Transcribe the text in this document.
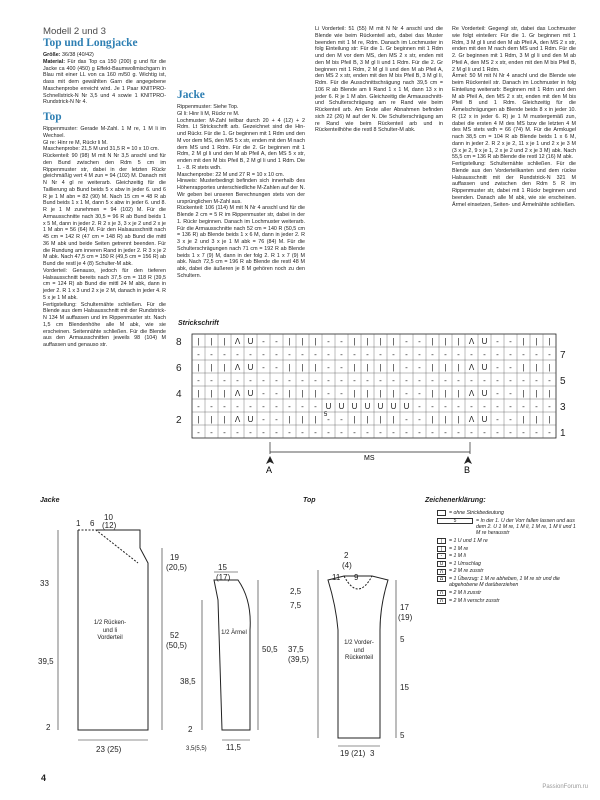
Modell 2 und 3
Top und Longjacke

Größe: 36/38 (40/42)

Material: Für das Top ca 150 (200) g und für die Jacke ca 400 (450) g Effekt-Baumwollmischgarn in Blau mit einer LL von ca 160 m/50 g. Wichtig ist, dass mit dem gewählten Garn die angegebene Maschenprobe erreicht wird. Je 1 Paar KNITPRO-Schnellstrick-N Nr 3,5 und 4 sowie 1 KNITPRO-Rundstrick-N Nr 4.

Top

Rippenmuster: Gerade M-Zahl. 1 M re, 1 M li im Wechsel.

Gl re: Hinr re M, Rückr li M.

Maschenprobe: 21,5 M und 31,5 R = 10 x 10 cm.

Rückenteil: 90 (98) M mit N Nr 3,5 anschl und für den Bund zwischen den Rdm 5 cm im Rippenmuster str, dabei in der letzten Rückr gleichmäßig vert 4 M zun = 94 (102) M. Danach mit N Nr 4 gl re weiterarb. Gleichzeitig für die Taillierung ab Bund beids 5 x abw in jeder 6. und 6 R je 1 M abn = 82 (90) M. Nach 15 cm = 48 R ab Bund beids 1 x 1 M, dann 5 x abw in jeder 6. und 8. R je 1 M zunehmen = 94 (102) M. Für die Armausschnitte nach 30,5 = 96 R ab Bund beids 1 x 5 M, dann in jeder 2. R 2 x je 3, 3 x je 2 und 2 x je 1 M abn = 56 (64) M. Für den Halsausschnitt nach 45 cm = 142 R (47 cm = 148 R) ab Bund die mittl 36 M abk und beide Seiten getrennt beenden. Für die Rundung am inneren Rand in jeder 2. R 3 x je 2 M abk. Nach 47,5 cm = 150 R (49,5 cm = 156 R) ab Bund die restl je 4 (8) Schulter-M abk.

Vorderteil: Genauso, jedoch für den tieferen Halsausschnitt bereits nach 37,5 cm = 118 R (39,5 cm = 124 R) ab Bund die mittl 24 M abk, dann in jeder 2. R 1 x 3 und 2 x je 2 M, danach in jeder 4. R 5 x je 1 M abk.

Fertigstellung: Schulternähte schließen. Für die Blende aus dem Halsausschnitt mit der Rundstrick-N 134 M auffassen und im Rippenmuster str. Nach 1,5 cm Blendenhöhe alle M abk, wie sie erscheinen. Seitennähte schließen. Für die Blende aus den Armausschnitten jeweils 98 (104) M auffassen und genauso str.

Jacke

Rippenmuster: Siehe Top.

Gl li: Hinr li M, Rückr re M.

Lochmuster: M-Zahl teilbar durch 20 + 4 (12) + 2 Rdm. Lt Strickschrift arb. Gezeichnet sind die Hin- und Rückr. Für die 1. Gr beginnen mit 1 Rdm und den M vor dem MS, den MS 5 x str, enden mit den M nach dem MS und 1 Rdm. Für die 2. Gr beginnen mit 1 Rdm, 2 M gl li und den M ab Pfeil A, den MS 5 x str, enden mit den M bis Pfeil B, 2 M gl li und 1 Rdm. Die 1. - 8. R stets wdh.

Maschenprobe: 22 M und 27 R = 10 x 10 cm.

Hinweis: Musterbedingt befinden sich innerhalb des Höhenrapportes unterschiedliche M-Zahlen auf der N. Wir geben bei unseren Berechnungen stets von der ursprünglichen M-Zahl aus.

Rückenteil: 106 (114) M mit N Nr 4 anschl und für die Blende 2 cm = 5 R im Rippenmuster str, dabei in der 1. Rückr beginnen. Danach im Lochmuster weiterarb. Für die Armausschnitte nach 52 cm = 140 R (50,5 cm = 136 R) ab Blende beids 1 x 6 M, dann in jeder 2. R 3 x je 2 und 3 x je 1 M abk = 76 (84) M. Für die Schulterschrägungen nach 71 cm = 192 R ab Blende beids 1 x 7 (9) M, dann in der folg 2. R 1 x 7 (9) M abk. Nach 72,5 cm = 196 R ab Blende die restl 48 M abk, dabei die äußeren je 8 M gehören noch zu den Schultern.

Li Vorderteil: 51 (55) M mit N Nr 4 anschl und die Blende wie beim Rückenteil arb, dabei das Muster beenden mit 1 M re, Rdm. Danach im Lochmuster in folg Einteilung str: Für die 1. Gr beginnen mit 1 Rdm und den M vor dem MS, den MS 2 x str, enden mit den M bis Pfeil B, 3 M gl li und 1 Rdm. Für die 2. Gr beginnen mit 1 Rdm, 2 M gl li und den M ab Pfeil A, den MS 2 x str, enden mit den M bis Pfeil B, 3 M gl li, Rdm. Für die Ausschnittschrägung nach 39,5 cm = 106 R ab Blende am li Rand 1 x 1 M, dann 13 x in jeder 6. R je 1 M abn. Gleichzeitig die Armausschnitt- und Schulterschrägung am re Rand wie beim Rückenteil arb. Am Ende aller Abnahmen befinden sich 22 (26) M auf der N. Die Schulterschrägung am re Rand wie beim Rückenteil arb und in Rückenteilhöhe die restl 8 Schulter-M abk.

Re Vorderteil: Gegengl str, dabei das Lochmuster wie folgt einteilen: Für die 1. Gr beginnen mit 1 Rdm, 3 M gl li und den M ab Pfeil A, den MS 2 x str, enden mit den M nach dem MS und 1 Rdm. Für die 2. Gr beginnen mit 1 Rdm, 3 M gl li und den M ab Pfeil A, den MS 2 x str, enden mit den M bis Pfeil B, 2 M gl li und 1 Rdm.

Ärmel: 50 M mit N Nr 4 anschl und die Blende wie beim Rückenteil str. Danach im Lochmuster in folg Einteilung weiterarb: Beginnen mit 1 Rdm und den M ab Pfeil A, den MS 2 x str, enden mit den M bis Pfeil B und 1 Rdm. Gleichzeitig für die Ärmelschrägungen ab Blende beids 8 x in jeder 10. R (12 x in jeder 6. R) je 1 M mustergemäß zun, dabei die ersten 4 M des MS bzw die letzten 4 M des MS stets wdh = 66 (74) M. Für die Armkugel nach 38,5 cm = 104 R ab Blende beids 1 x 6 M, dann in jeder 2. R 2 x je 2, 11 x je 1 und 2 x je 3 M (3 x je 2, 9 x je 1, 2 x je 2 und 2 x je 3 M) abk. Nach 55,5 cm = 136 R ab Blende die restl 12 (16) M abk.

Fertigstellung: Schulternähte schließen. Für die Blende aus den Vorderteilkanten und dem rückw Halsausschnitt mit der Rundstrick-N 321 M auffassen und zwischen den Rdm 5 R im Rippenmuster str, dabei mit 1 Rückr beginnen und beenden. Danach alle M abk, wie sie erscheinen. Ärmel einsetzen, Seiten- und Ärmelnähte schließen.

Strickschrift
| | | Λ U - - | | | - - | | | | - - | | | Λ U - - | | |
- - - - - - - - - - - - - - - - - - - - - - - - - - - -
| | | Λ U - - | | | - - | | | | - - | | | Λ U - - | | |
- - - - - - - - - - - - - - - - - - - - - - - - - - - -
| | | Λ U - - | | | - - | | | | - - | | | Λ U - - | | |
- - - - - - - - - - U U U U U U U - - - - - - - - - - -
| | | Λ U - - | | | - - | | | | - - | | | Λ U - - | | |
- - - - - - - - - - - - - - - - - - - - - - - - - - - -
8
6
4
2
7
5
3
1
MS
A	B
5
Jacke
1 6
10
(12)
19
(20,5)
52
(50,5)
33
39,5
2
23 (25)
1/2 Rücken- und li Vorderteil
15
(17)
50,5
38,5
2
11,5
3,5(5,5)
1/2 Ärmel
Top
2
(4)
11 9
2,5
7,5	17
(19)
37,5
(39,5)
5
15
5
19 (21) 3
1/2 Vorder- und Rückenteil
Zeichenerklärung:
= ohne Strickbedeutung
5	= In der 1. U der Vorr fallen lassen und aus dem 2. U 1 M re, 1 M li, 1 M re, 1 M li und 1 M re herausstr
|	= 1 U und 1 M re
|	= 1 M re
-	= 1 M li
U	= 1 Umschlag
Λ	= 2 M re zusstr
Δ	= 1 Überzug: 1 M re abheben, 1 M re str und die abgehobene M darüberziehen
Λ	= 2 M li zusstr
Λ	= 2 M li verschr zusstr
4
PassionForum.ru
